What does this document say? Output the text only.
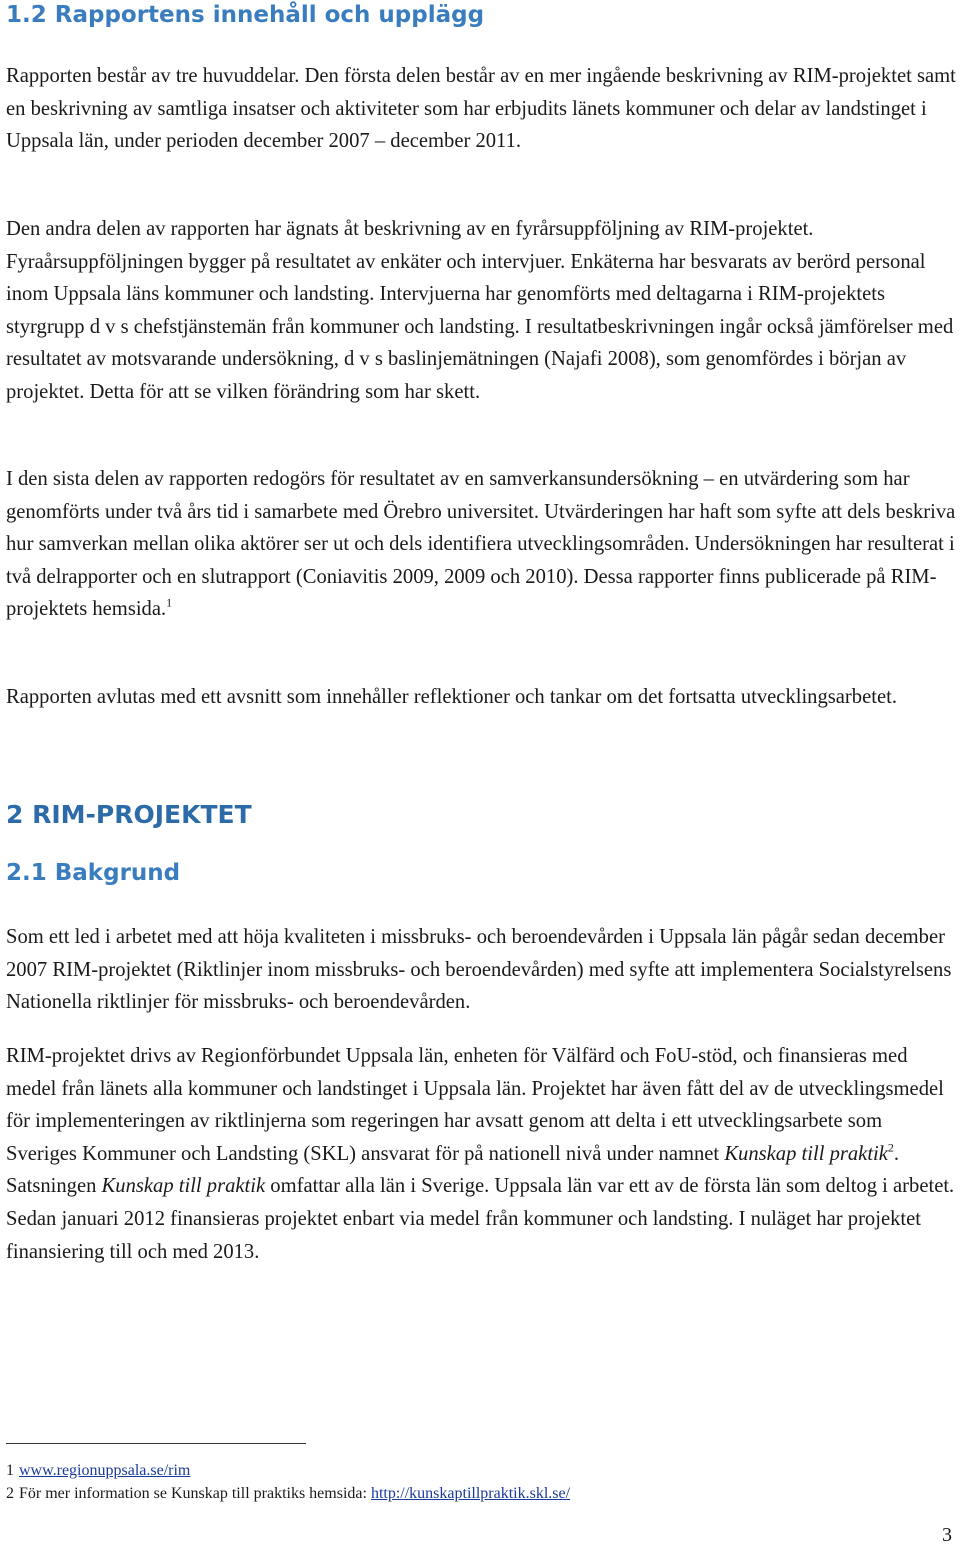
1.2 Rapportens innehåll och upplägg

Rapporten består av tre huvuddelar. Den första delen består av en mer ingående beskrivning av RIM-projektet samt en beskrivning av samtliga insatser och aktiviteter som har erbjudits länets kommuner och delar av landstinget i Uppsala län, under perioden december 2007 – december 2011.

Den andra delen av rapporten har ägnats åt beskrivning av en fyrårsuppföljning av RIM-projektet. Fyraårsuppföljningen bygger på resultatet av enkäter och intervjuer. Enkäterna har besvarats av berörd personal inom Uppsala läns kommuner och landsting. Intervjuerna har genomförts med deltagarna i RIM-projektets styrgrupp d v s chefstjänstemän från kommuner och landsting. I resultatbeskrivningen ingår också jämförelser med resultatet av motsvarande undersökning, d v s baslinjemätningen (Najafi 2008), som genomfördes i början av projektet. Detta för att se vilken förändring som har skett.

I den sista delen av rapporten redogörs för resultatet av en samverkansundersökning – en utvärdering som har genomförts under två års tid i samarbete med Örebro universitet. Utvärderingen har haft som syfte att dels beskriva hur samverkan mellan olika aktörer ser ut och dels identifiera utvecklingsområden. Undersökningen har resulterat i två delrapporter och en slutrapport (Coniavitis 2009, 2009 och 2010). Dessa rapporter finns publicerade på RIM-projektets hemsida.$^1$

Rapporten avlutas med ett avsnitt som innehåller reflektioner och tankar om det fortsatta utvecklingsarbetet.

2 RIM-PROJEKTET
2.1 Bakgrund

Som ett led i arbetet med att höja kvaliteten i missbruks- och beroendevården i Uppsala län pågår sedan december 2007 RIM-projektet (Riktlinjer inom missbruks- och beroendevården) med syfte att implementera Socialstyrelsens Nationella riktlinjer för missbruks- och beroendevården.

RIM-projektet drivs av Regionförbundet Uppsala län, enheten för Välfärd och FoU-stöd, och finansieras med medel från länets alla kommuner och landstinget i Uppsala län. Projektet har även fått del av de utvecklingsmedel för implementeringen av riktlinjerna som regeringen har avsatt genom att delta i ett utvecklingsarbete som Sveriges Kommuner och Landsting (SKL) ansvarat för på nationell nivå under namnet Kunskap till praktik$^2$. Satsningen Kunskap till praktik omfattar alla län i Sverige. Uppsala län var ett av de första län som deltog i arbetet. Sedan januari 2012 finansieras projektet enbart via medel från kommuner och landsting. I nuläget har projektet finansiering till och med 2013.

1 www.regionuppsala.se/rim

2 För mer information se Kunskap till praktiks hemsida: http://kunskaptillpraktik.skl.se/

3
